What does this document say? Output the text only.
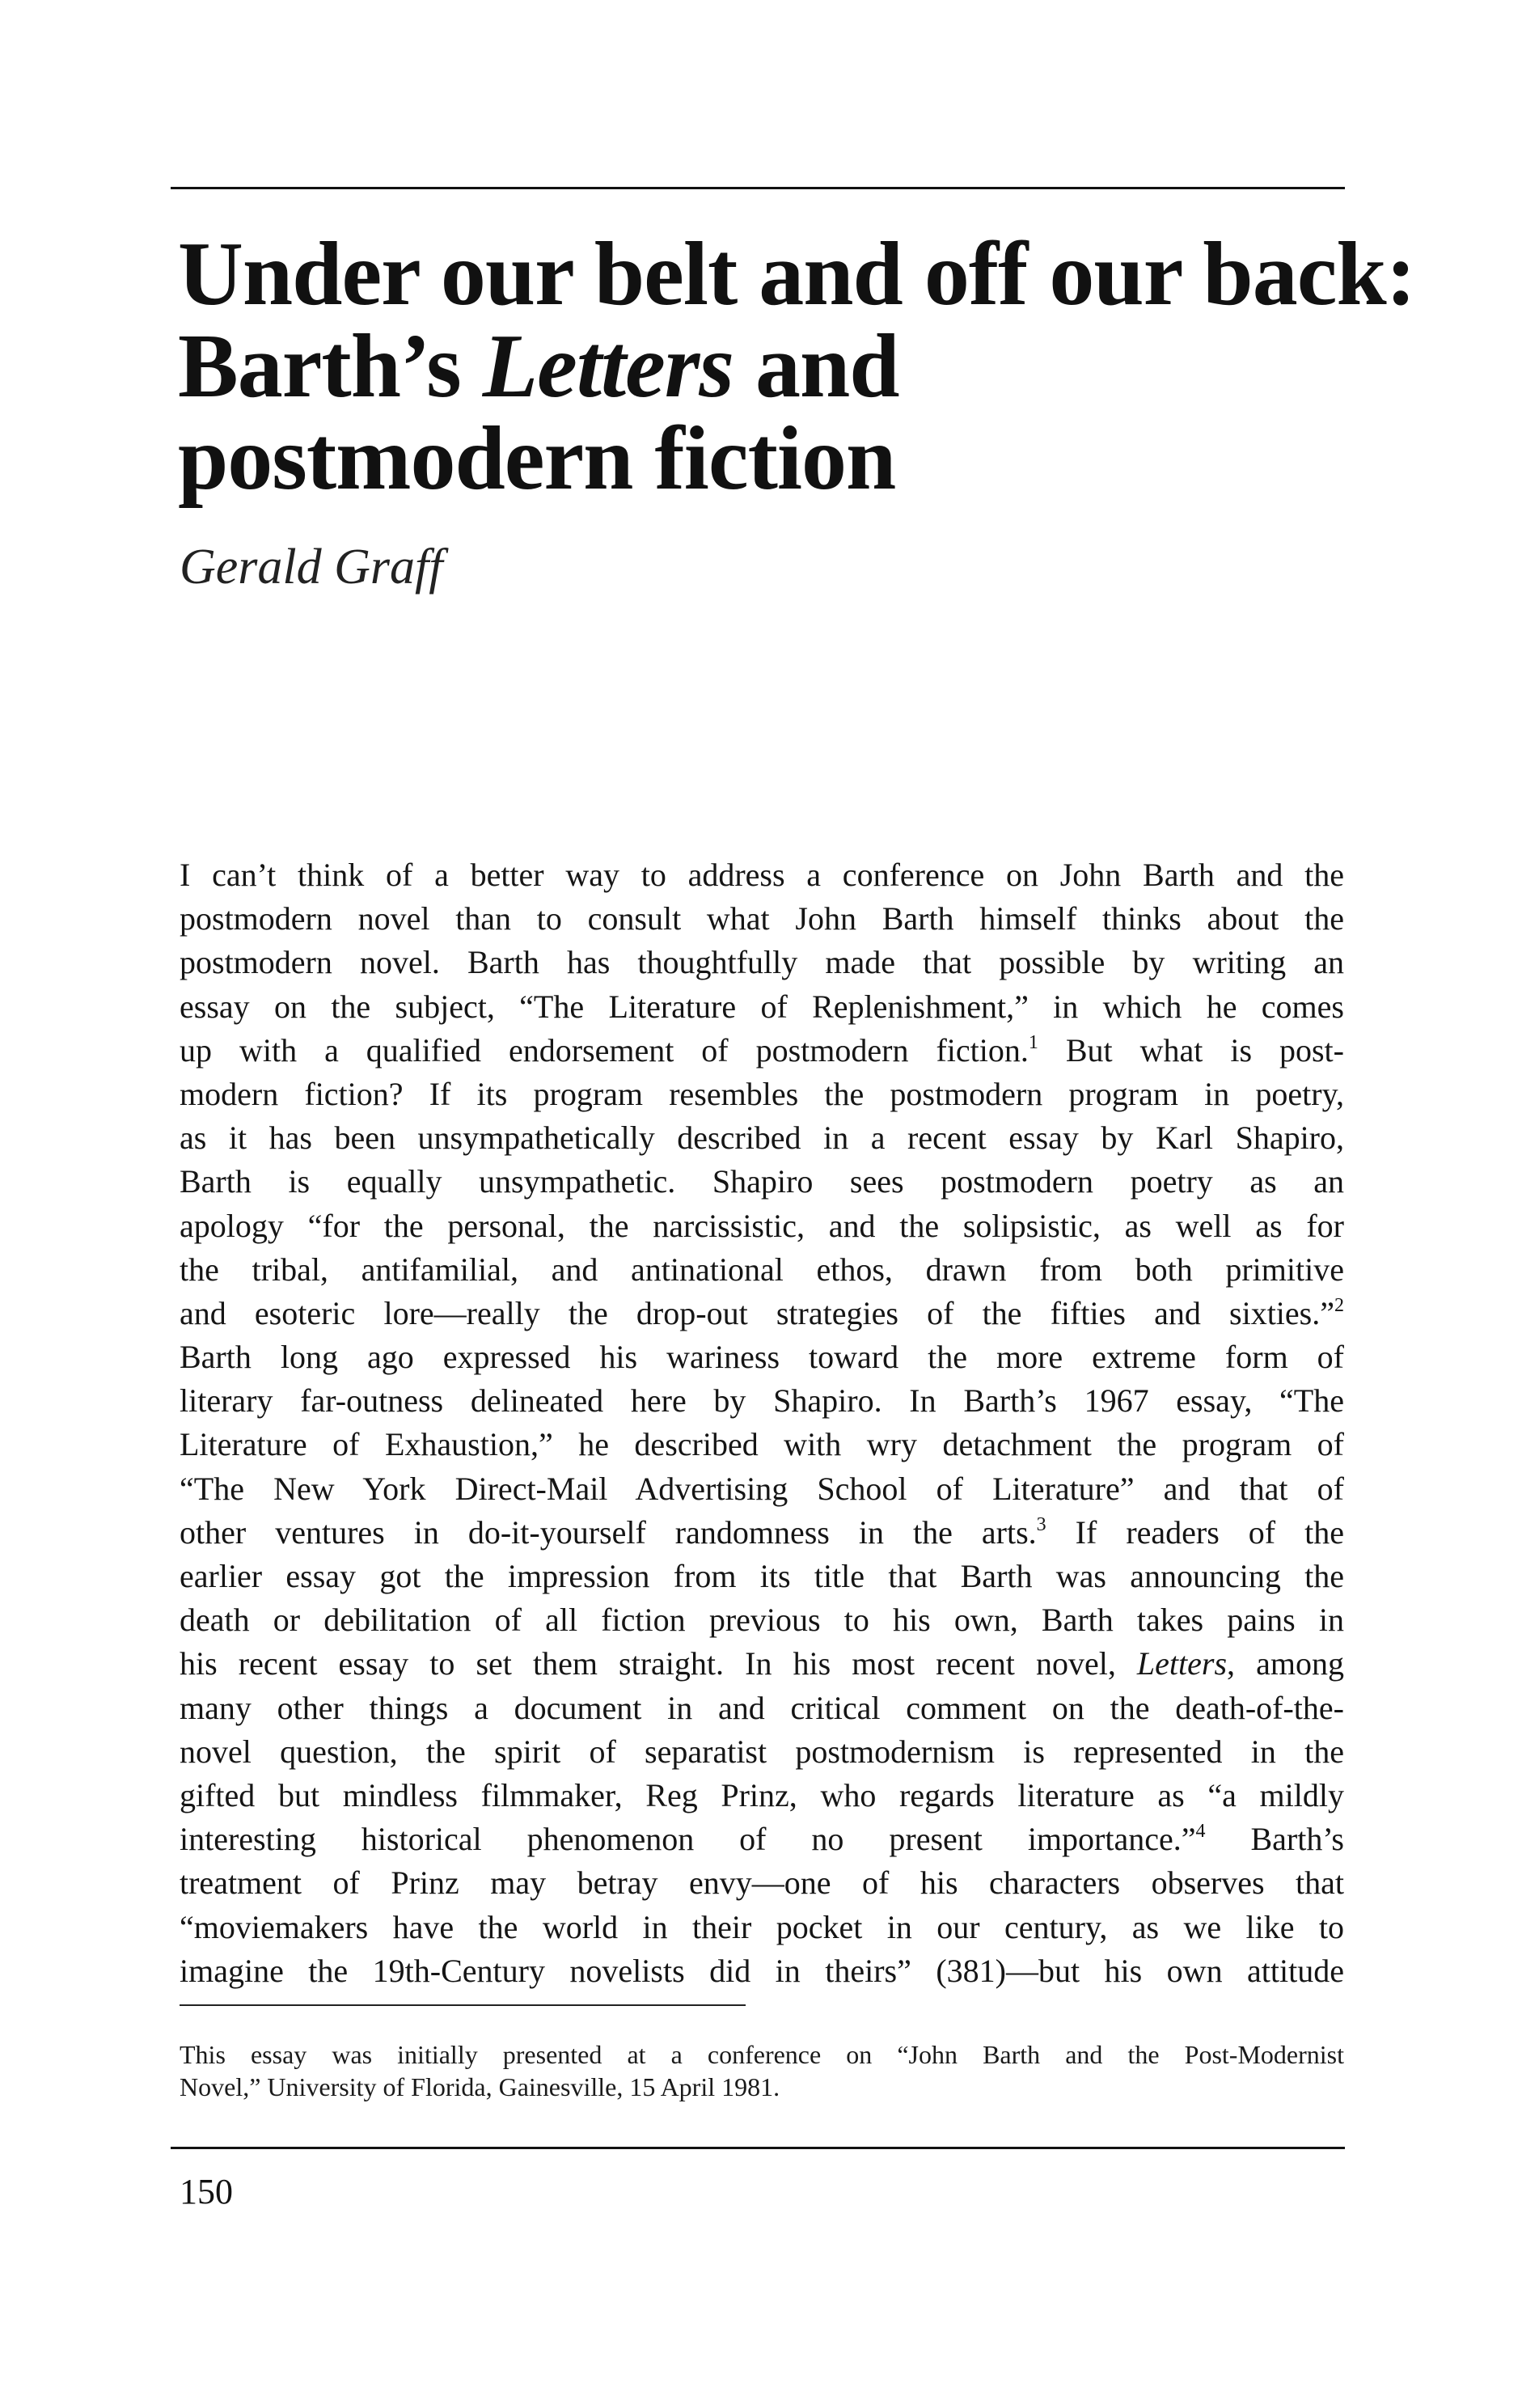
Under our belt and off our back:
Barth’s Letters and
postmodern fiction

Gerald Graff

I can’t think of a better way to address a conference on John Barth and the
postmodern novel than to consult what John Barth himself thinks about the
postmodern novel. Barth has thoughtfully made that possible by writing an
essay on the subject, “The Literature of Replenishment,” in which he comes
up with a qualified endorsement of postmodern fiction.$^1$ But what is post-
modern fiction? If its program resembles the postmodern program in poetry,
as it has been unsympathetically described in a recent essay by Karl Shapiro,
Barth is equally unsympathetic. Shapiro sees postmodern poetry as an
apology “for the personal, the narcissistic, and the solipsistic, as well as for
the tribal, antifamilial, and antinational ethos, drawn from both primitive
and esoteric lore—really the drop-out strategies of the fifties and sixties.”$^2$
Barth long ago expressed his wariness toward the more extreme form of
literary far-outness delineated here by Shapiro. In Barth’s 1967 essay, “The
Literature of Exhaustion,” he described with wry detachment the program of
“The New York Direct-Mail Advertising School of Literature” and that of
other ventures in do-it-yourself randomness in the arts.$^3$ If readers of the
earlier essay got the impression from its title that Barth was announcing the
death or debilitation of all fiction previous to his own, Barth takes pains in
his recent essay to set them straight. In his most recent novel, Letters, among
many other things a document in and critical comment on the death-of-the-
novel question, the spirit of separatist postmodernism is represented in the
gifted but mindless filmmaker, Reg Prinz, who regards literature as “a mildly
interesting historical phenomenon of no present importance.”$^4$ Barth’s
treatment of Prinz may betray envy—one of his characters observes that
“moviemakers have the world in their pocket in our century, as we like to
imagine the 19th-Century novelists did in theirs” (381)—but his own attitude
This essay was initially presented at a conference on “John Barth and the Post-Modernist
Novel,” University of Florida, Gainesville, 15 April 1981.

150
